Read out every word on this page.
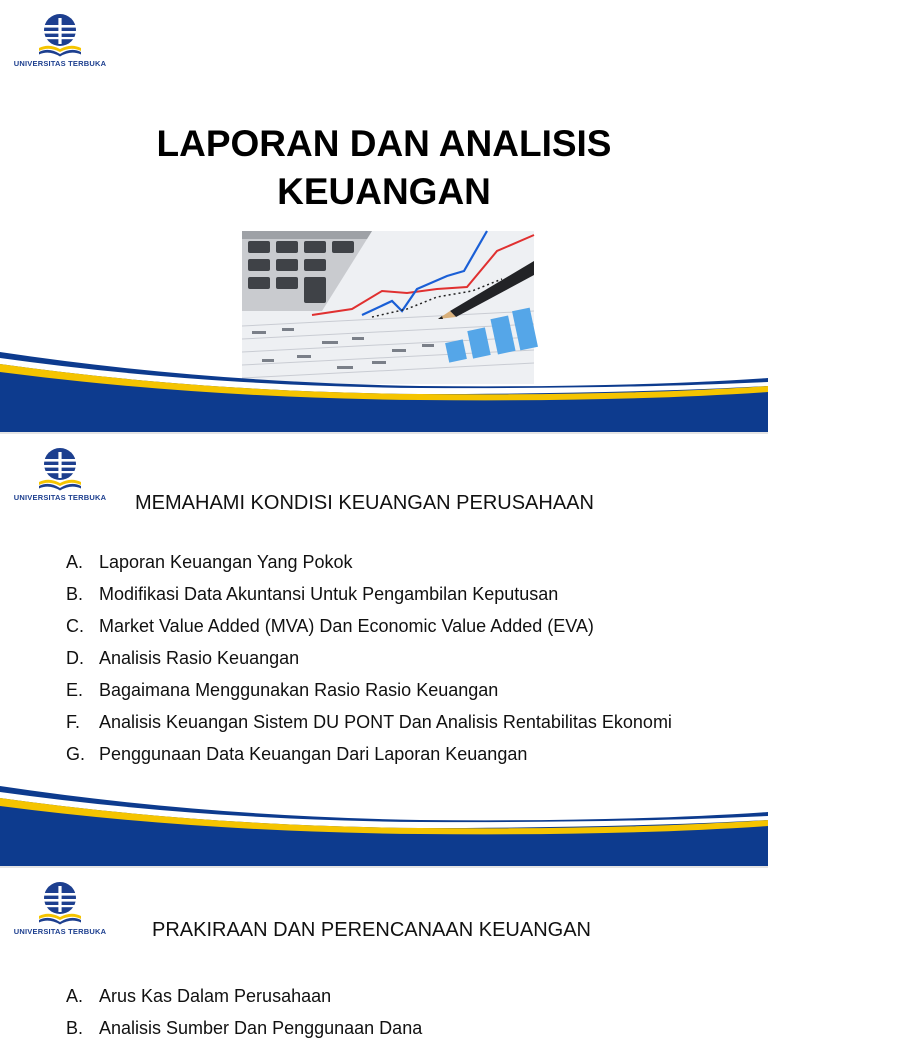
UNIVERSITAS TERBUKA
LAPORAN DAN ANALISIS
KEUANGAN
UNIVERSITAS TERBUKA	MEMAHAMI KONDISI KEUANGAN PERUSAHAAN
A. Laporan Keuangan Yang Pokok
B. Modifikasi Data Akuntansi Untuk Pengambilan Keputusan
C. Market Value Added (MVA) Dan Economic Value Added (EVA)
D. Analisis Rasio Keuangan
E. Bagaimana Menggunakan Rasio Rasio Keuangan
F.	Analisis Keuangan Sistem DU PONT Dan Analisis Rentabilitas Ekonomi
G. Penggunaan Data Keuangan Dari Laporan Keuangan
UNIVERSITAS TERBUKA	PRAKIRAAN DAN PERENCANAAN KEUANGAN
A. Arus Kas Dalam Perusahaan
B. Analisis Sumber Dan Penggunaan Dana
